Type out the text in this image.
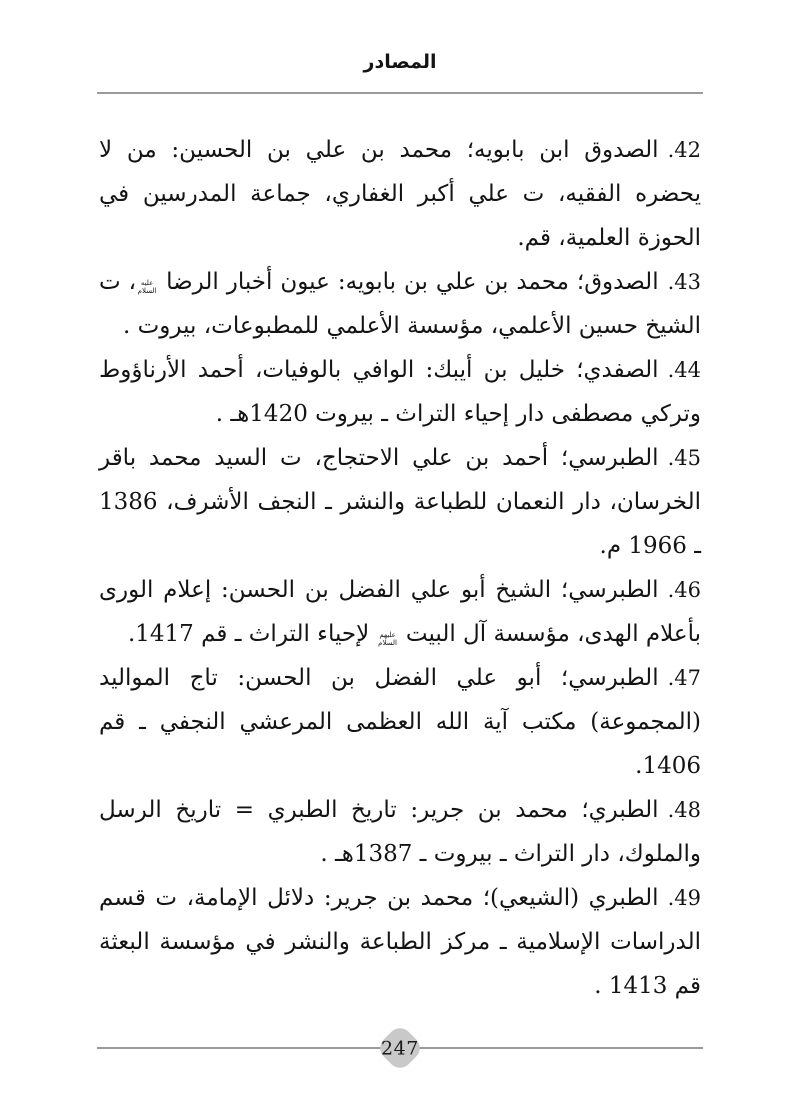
المصادر

42.الصدوق ابن بابويه؛ محمد بن علي بن الحسين: من لا يحضره الفقيه، ت علي أكبر الغفاري، جماعة المدرسين في الحوزة العلمية، قم.

43.الصدوق؛ محمد بن علي بن بابويه: عيون أخبار الرضا عليه السلام، ت الشيخ حسين الأعلمي، مؤسسة الأعلمي للمطبوعات، بيروت .

44.الصفدي؛ خليل بن أيبك: الوافي بالوفيات، أحمد الأرناؤوط وتركي مصطفى دار إحياء التراث ـ بيروت 1420هـ .

45.الطبرسي؛ أحمد بن علي الاحتجاج، ت السيد محمد باقر الخرسان، دار النعمان للطباعة والنشر ـ النجف الأشرف، 1386 ـ 1966 م.

46.الطبرسي؛ الشيخ أبو علي الفضل بن الحسن: إعلام الورى بأعلام الهدى، مؤسسة آل البيت عليهم السلام لإحياء التراث ـ قم 1417.

47.الطبرسي؛ أبو علي الفضل بن الحسن: تاج المواليد (المجموعة) مكتب آية الله العظمى المرعشي النجفي ـ قم 1406.

48.الطبري؛ محمد بن جرير: تاريخ الطبري = تاريخ الرسل والملوك، دار التراث ـ بيروت ـ 1387هـ .

49.الطبري (الشيعي)؛ محمد بن جرير: دلائل الإمامة، ت قسم الدراسات الإسلامية ـ مركز الطباعة والنشر في مؤسسة البعثة قم 1413 .

247
